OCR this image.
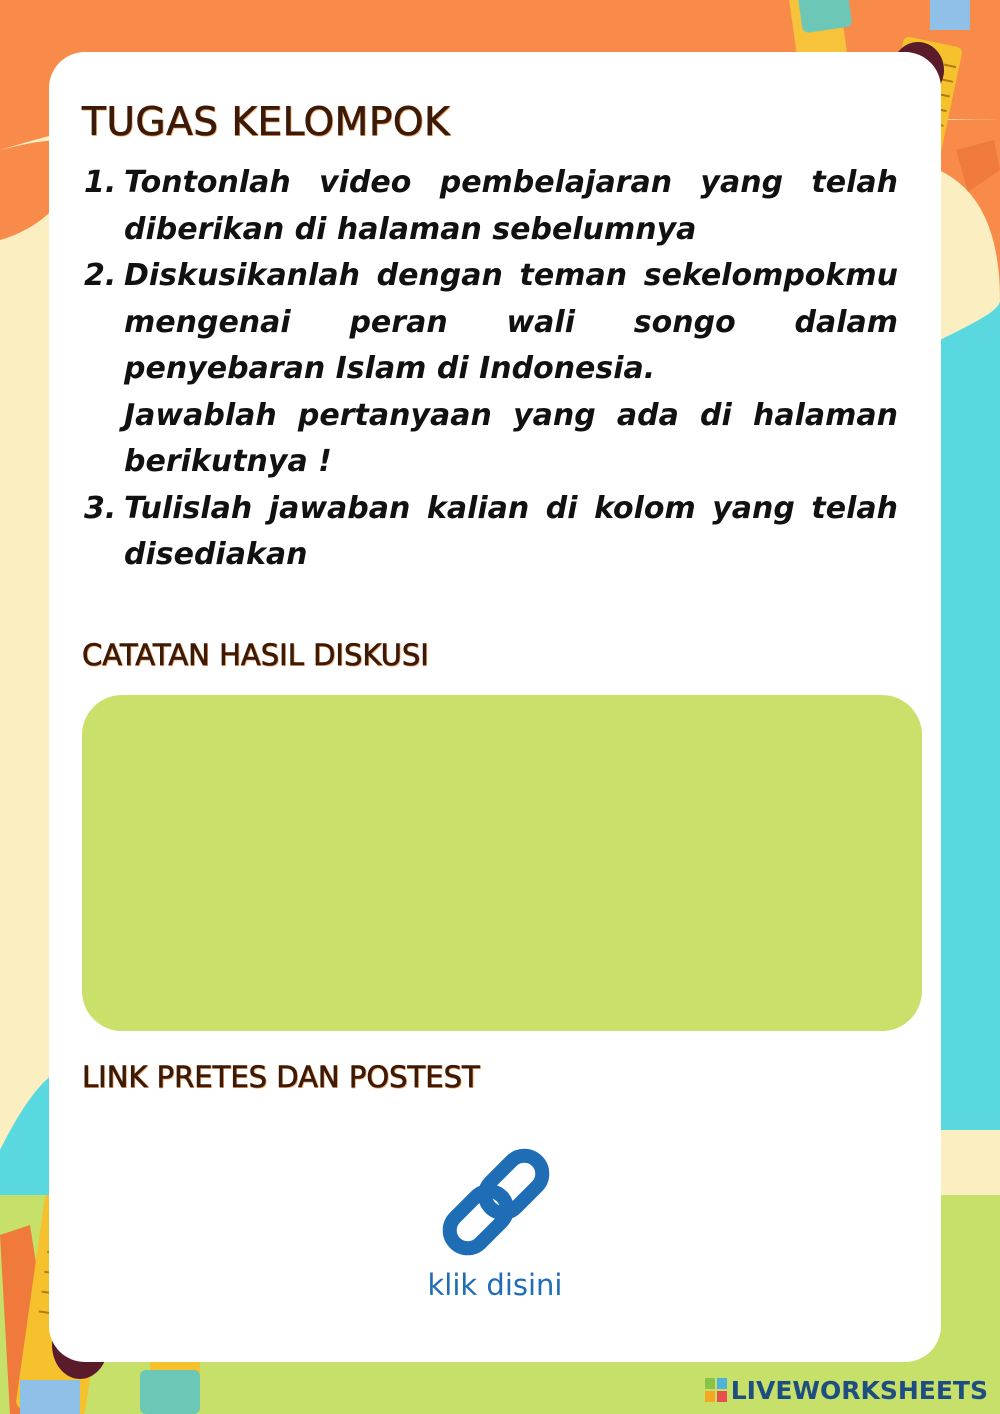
TUGAS KELOMPOK
1. Tontonlah video pembelajaran yang telah diberikan di halaman sebelumnya
2. Diskusikanlah dengan teman sekelompokmu mengenai peran wali songo dalam penyebaran Islam di Indonesia.
Jawablah pertanyaan yang ada di halaman berikutnya !
3. Tulislah jawaban kalian di kolom yang telah disediakan
CATATAN HASIL DISKUSI
LINK PRETES DAN POSTEST
klik disini
LIVEWORKSHEETS
